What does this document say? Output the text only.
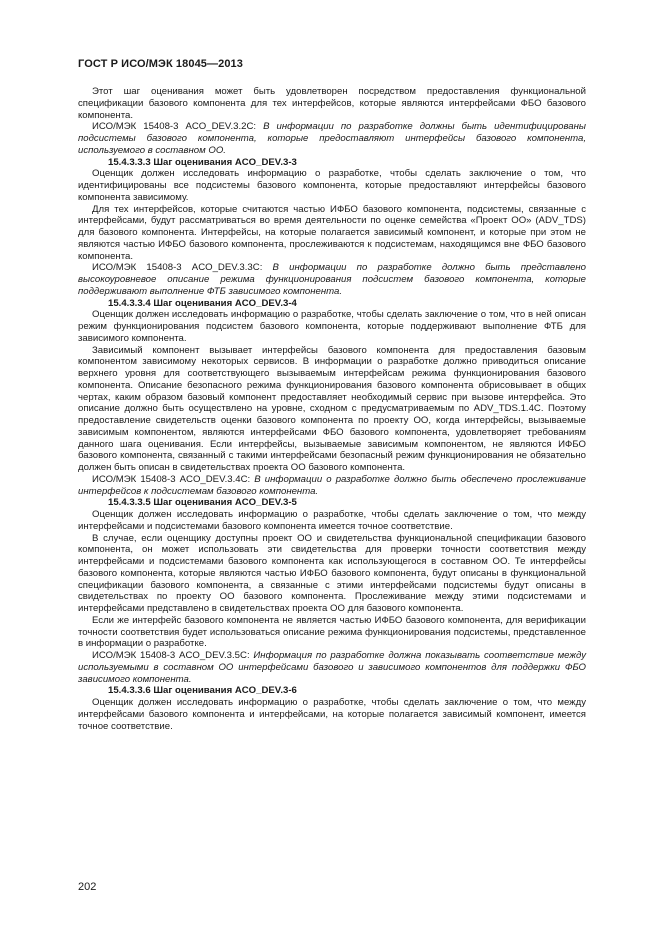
ГОСТ Р ИСО/МЭК 18045—2013

Этот шаг оценивания может быть удовлетворен посредством предоставления функциональной спецификации базового компонента для тех интерфейсов, которые являются интерфейсами ФБО базового компонента.

ИСО/МЭК 15408-3 ACO_DEV.3.2C: В информации по разработке должны быть идентифицированы подсистемы базового компонента, которые предоставляют интерфейсы базового компонента, используемого в составном ОО.

15.4.3.3.3 Шаг оценивания ACO_DEV.3-3

Оценщик должен исследовать информацию о разработке, чтобы сделать заключение о том, что идентифицированы все подсистемы базового компонента, которые предоставляют интерфейсы базового компонента зависимому.

Для тех интерфейсов, которые считаются частью ИФБО базового компонента, подсистемы, связанные с интерфейсами, будут рассматриваться во время деятельности по оценке семейства «Проект ОО» (ADV_TDS) для базового компонента. Интерфейсы, на которые полагается зависимый компонент, и которые при этом не являются частью ИФБО базового компонента, прослеживаются к подсистемам, находящимся вне ФБО базового компонента.

ИСО/МЭК 15408-3 ACO_DEV.3.3C: В информации по разработке должно быть представлено высокоуровневое описание режима функционирования подсистем базового компонента, которые поддерживают выполнение ФТБ зависимого компонента.

15.4.3.3.4 Шаг оценивания ACO_DEV.3-4

Оценщик должен исследовать информацию о разработке, чтобы сделать заключение о том, что в ней описан режим функционирования подсистем базового компонента, которые поддерживают выполнение ФТБ для зависимого компонента.

Зависимый компонент вызывает интерфейсы базового компонента для предоставления базовым компонентом зависимому некоторых сервисов. В информации о разработке должно приводиться описание верхнего уровня для соответствующего вызываемым интерфейсам режима функционирования базового компонента. Описание безопасного режима функционирования базового компонента обрисовывает в общих чертах, каким образом базовый компонент предоставляет необходимый сервис при вызове интерфейса. Это описание должно быть осуществлено на уровне, сходном с предусматриваемым по ADV_TDS.1.4C. Поэтому предоставление свидетельств оценки базового компонента по проекту ОО, когда интерфейсы, вызываемые зависимым компонентом, являются интерфейсами ФБО базового компонента, удовлетворяет требованиям данного шага оценивания. Если интерфейсы, вызываемые зависимым компонентом, не являются ИФБО базового компонента, связанный с такими интерфейсами безопасный режим функционирования не обязательно должен быть описан в свидетельствах проекта ОО базового компонента.

ИСО/МЭК 15408-3 ACO_DEV.3.4C: В информации о разработке должно быть обеспечено прослеживание интерфейсов к подсистемам базового компонента.

15.4.3.3.5 Шаг оценивания ACO_DEV.3-5

Оценщик должен исследовать информацию о разработке, чтобы сделать заключение о том, что между интерфейсами и подсистемами базового компонента имеется точное соответствие.

В случае, если оценщику доступны проект ОО и свидетельства функциональной спецификации базового компонента, он может использовать эти свидетельства для проверки точности соответствия между интерфейсами и подсистемами базового компонента как использующегося в составном ОО. Те интерфейсы базового компонента, которые являются частью ИФБО базового компонента, будут описаны в функциональной спецификации базового компонента, а связанные с этими интерфейсами подсистемы будут описаны в свидетельствах по проекту ОО базового компонента. Прослеживание между этими подсистемами и интерфейсами представлено в свидетельствах проекта ОО для базового компонента.

Если же интерфейс базового компонента не является частью ИФБО базового компонента, для верификации точности соответствия будет использоваться описание режима функционирования подсистемы, представленное в информации о разработке.

ИСО/МЭК 15408-3 ACO_DEV.3.5C: Информация по разработке должна показывать соответствие между используемыми в составном ОО интерфейсами базового и зависимого компонентов для поддержки ФБО зависимого компонента.

15.4.3.3.6 Шаг оценивания ACO_DEV.3-6

Оценщик должен исследовать информацию о разработке, чтобы сделать заключение о том, что между интерфейсами базового компонента и интерфейсами, на которые полагается зависимый компонент, имеется точное соответствие.

202
